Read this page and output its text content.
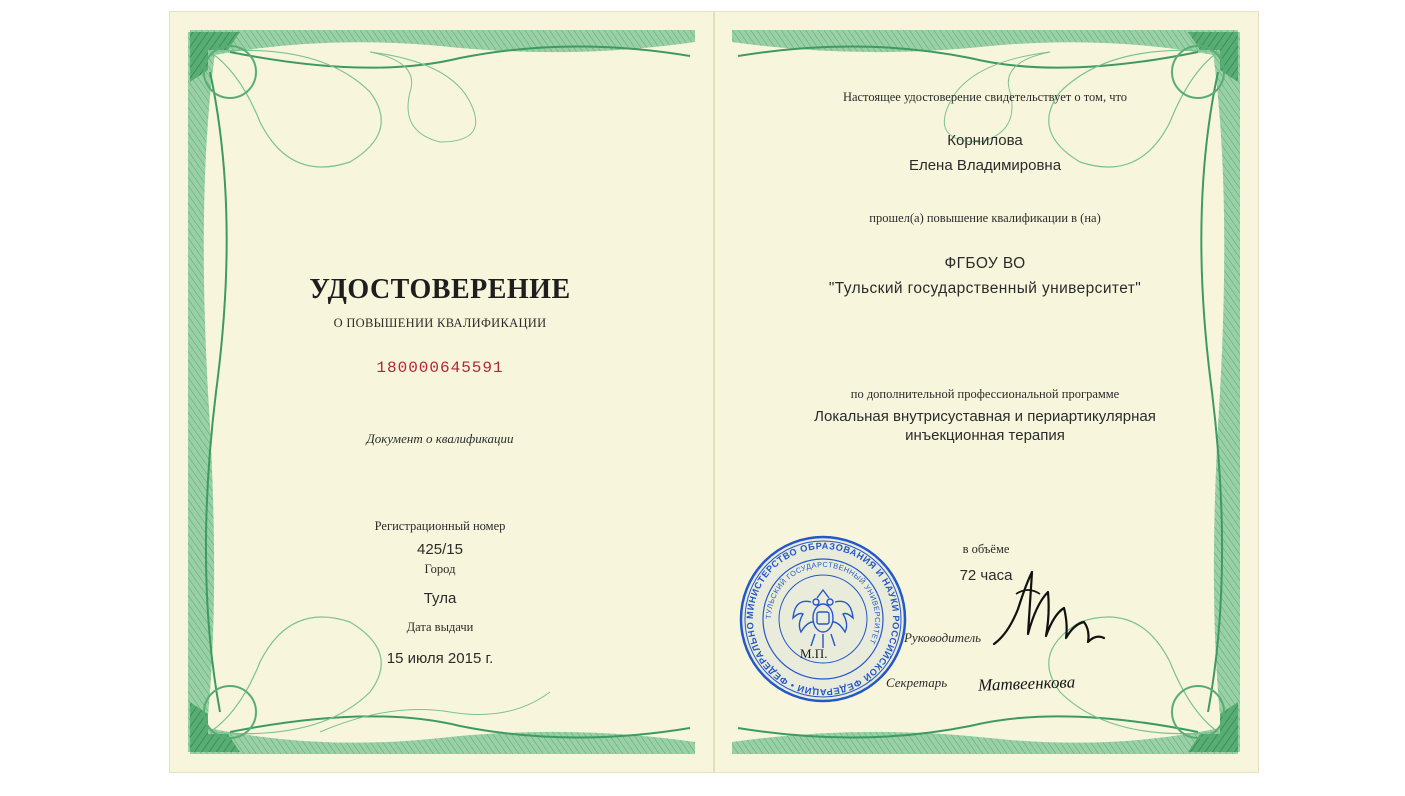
УДОСТОВЕРЕНИЕ
О ПОВЫШЕНИИ КВАЛИФИКАЦИИ
180000645591
Документ о квалификации
Регистрационный номер
425/15
Город
Тула
Дата выдачи
15 июля 2015 г.
Настоящее удостоверение свидетельствует о том, что
Корнилова
Елена Владимировна
прошел(а) повышение квалификации в (на)
ФГБОУ ВО
"Тульский государственный университет"
по дополнительной профессиональной программе
Локальная внутрисуставная и периартикулярная
инъекционная терапия
в объёме
72 часа
Руководитель
Секретарь Матвеенкова
МИНИСТЕРСТВО ОБРАЗОВАНИЯ И НАУКИ РОССИЙСКОЙ ФЕДЕРАЦИИ • ФЕДЕРАЛЬНО
ТУЛЬСКИЙ ГОСУДАРСТВЕННЫЙ УНИВЕРСИТЕТ
М.П.
